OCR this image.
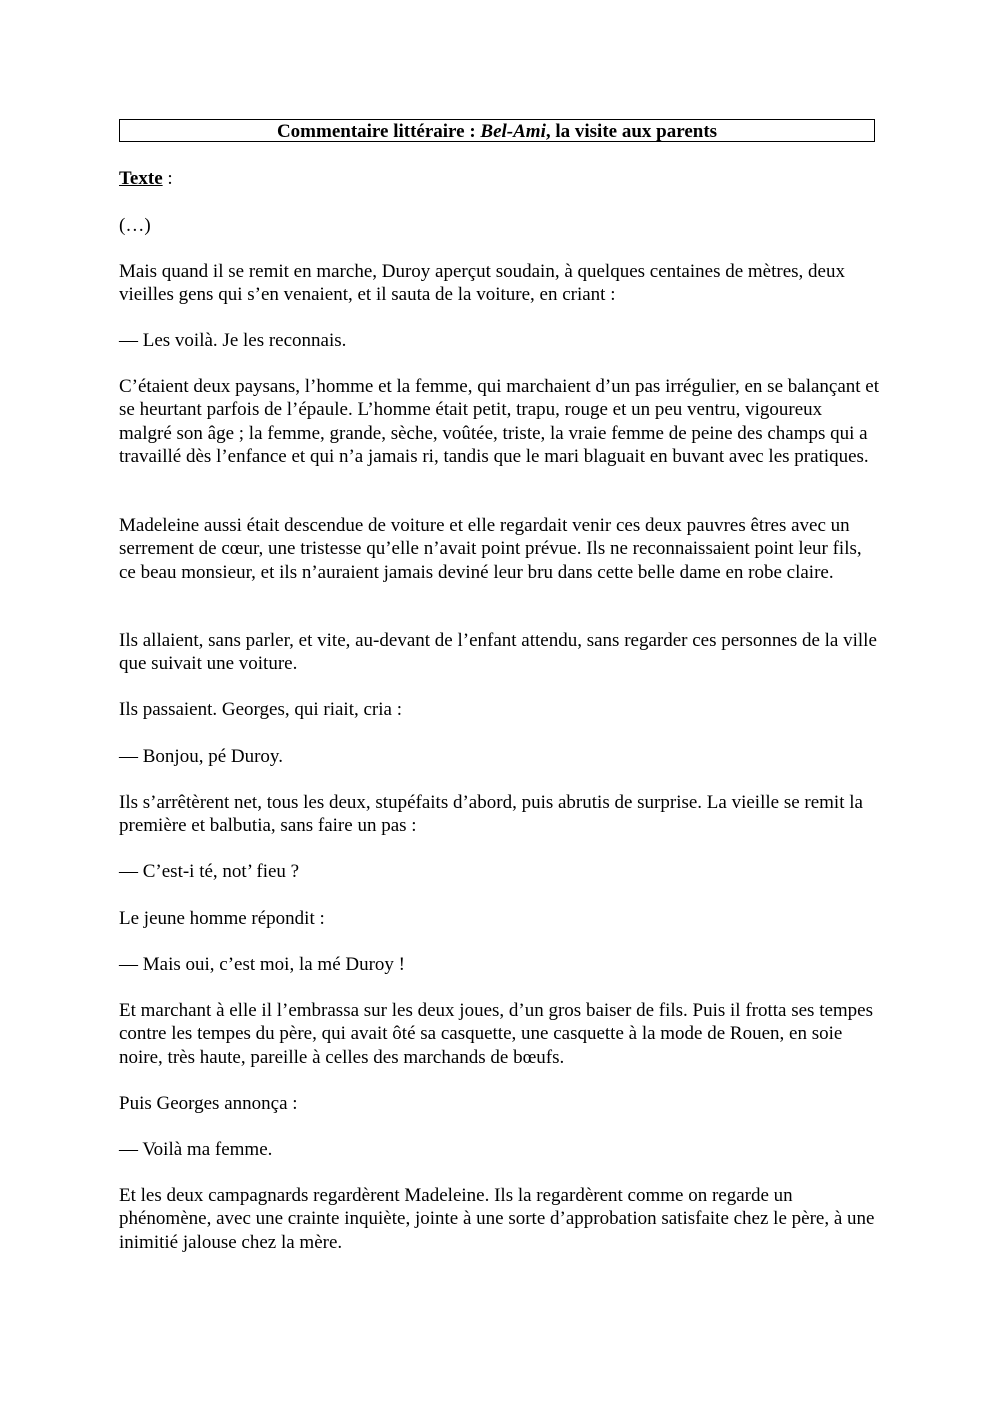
Commentaire littéraire : Bel-Ami, la visite aux parents
Texte :

(…)

Mais quand il se remit en marche, Duroy aperçut soudain, à quelques centaines de mètres, deux vieilles gens qui s’en venaient, et il sauta de la voiture, en criant :

— Les voilà. Je les reconnais.

C’étaient deux paysans, l’homme et la femme, qui marchaient d’un pas irrégulier, en se balançant et se heurtant parfois de l’épaule. L’homme était petit, trapu, rouge et un peu ventru, vigoureux malgré son âge ; la femme, grande, sèche, voûtée, triste, la vraie femme de peine des champs qui a travaillé dès l’enfance et qui n’a jamais ri, tandis que le mari blaguait en buvant avec les pratiques.

Madeleine aussi était descendue de voiture et elle regardait venir ces deux pauvres êtres avec un serrement de cœur, une tristesse qu’elle n’avait point prévue. Ils ne reconnaissaient point leur fils, ce beau monsieur, et ils n’auraient jamais deviné leur bru dans cette belle dame en robe claire.

Ils allaient, sans parler, et vite, au-devant de l’enfant attendu, sans regarder ces personnes de la ville que suivait une voiture.

Ils passaient. Georges, qui riait, cria :

— Bonjou, pé Duroy.

Ils s’arrêtèrent net, tous les deux, stupéfaits d’abord, puis abrutis de surprise. La vieille se remit la première et balbutia, sans faire un pas :

— C’est-i té, not’ fieu ?

Le jeune homme répondit :

— Mais oui, c’est moi, la mé Duroy !

Et marchant à elle il l’embrassa sur les deux joues, d’un gros baiser de fils. Puis il frotta ses tempes contre les tempes du père, qui avait ôté sa casquette, une casquette à la mode de Rouen, en soie noire, très haute, pareille à celles des marchands de bœufs.

Puis Georges annonça :

— Voilà ma femme.

Et les deux campagnards regardèrent Madeleine. Ils la regardèrent comme on regarde un phénomène, avec une crainte inquiète, jointe à une sorte d’approbation satisfaite chez le père, à une inimitié jalouse chez la mère.
